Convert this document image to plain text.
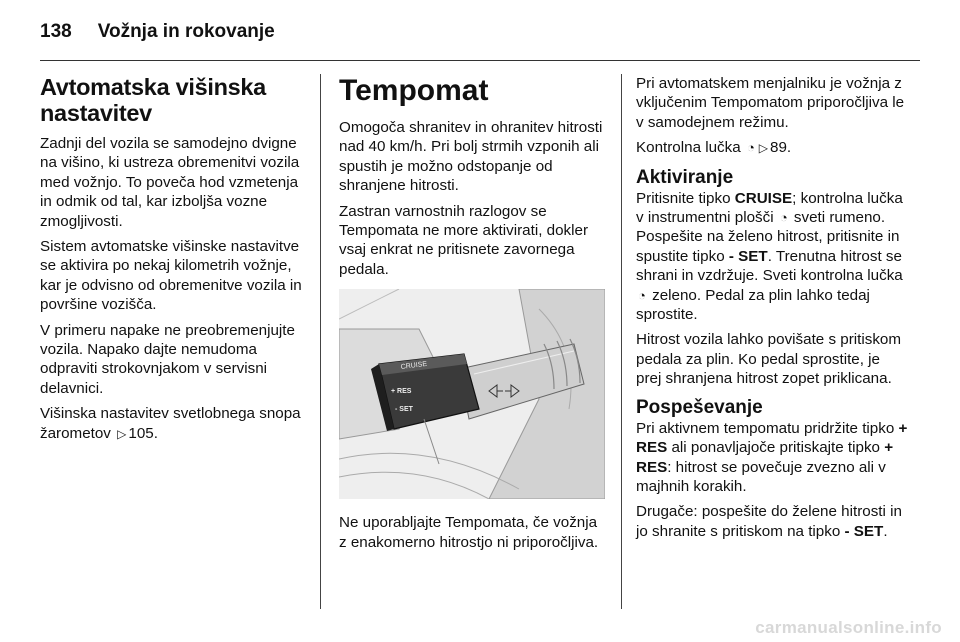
138 Vožnja in rokovanje
Avtomatska višinska nastavitev

Zadnji del vozila se samodejno dvigne na višino, ki ustreza obremenitvi vozila med vožnjo. To poveča hod vzmetenja in odmik od tal, kar izboljša vozne zmogljivosti.

Sistem avtomatske višinske nastavitve se aktivira po nekaj kilometrih vožnje, kar je odvisno od obremenitve vozila in površine vozišča.

V primeru napake ne preobremenjujte vozila. Napako dajte nemudoma odpraviti strokovnjakom v servisni delavnici.

Višinska nastavitev svetlobnega snopa žarometov ▷ 105.

Tempomat

Omogoča shranitev in ohranitev hitrosti nad 40 km/h. Pri bolj strmih vzponih ali spustih je možno odstopanje od shranjene hitrosti.

Zastran varnostnih razlogov se Tempomata ne more aktivirati, dokler vsaj enkrat ne pritisnete zavornega pedala.

CRUISE
+ RES
- SET

Ne uporabljajte Tempomata, če vožnja z enakomerno hitrostjo ni priporočljiva.

Pri avtomatskem menjalniku je vožnja z vključenim Tempomatom priporočljiva le v samodejnem režimu.

Kontrolna lučka ◔ ▷ 89.

Aktiviranje

Pritisnite tipko CRUISE; kontrolna lučka v instrumentni plošči ◔ sveti rumeno. Pospešite na želeno hitrost, pritisnite in spustite tipko - SET. Trenutna hitrost se shrani in vzdržuje. Sveti kontrolna lučka ◔ zeleno. Pedal za plin lahko tedaj sprostite.

Hitrost vozila lahko povišate s pritiskom pedala za plin. Ko pedal sprostite, je prej shranjena hitrost zopet priklicana.

Pospeševanje

Pri aktivnem tempomatu pridržite tipko + RES ali ponavljajoče pritiskajte tipko + RES: hitrost se povečuje zvezno ali v majhnih korakih.

Drugače: pospešite do želene hitrosti in jo shranite s pritiskom na tipko - SET.

carmanualsonline.info
